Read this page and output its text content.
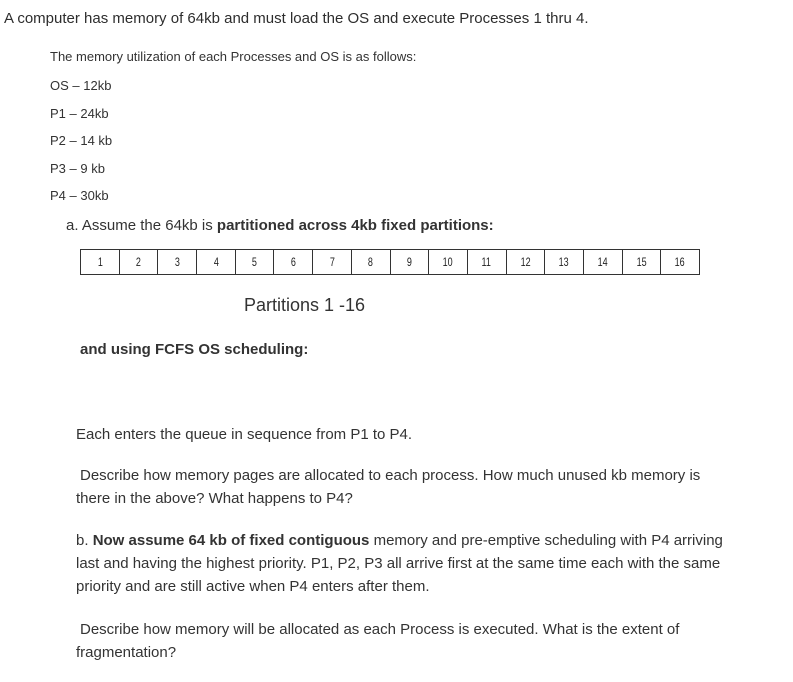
A computer has memory of 64kb and must load the OS and execute Processes 1 thru 4.
The memory utilization of each Processes and OS is as follows:
OS – 12kb
P1 – 24kb
P2 – 14 kb
P3 – 9 kb
P4 – 30kb
a. Assume the 64kb is partitioned across 4kb fixed partitions:
1	2	3	4	5	6	7	8	9	10 11 12 13 14 15 16
Partitions 1 -16
and using FCFS OS scheduling:
Each enters the queue in sequence from P1 to P4.
Describe how memory pages are allocated to each process. How much unused kb memory is there in the above? What happens to P4?
b. Now assume 64 kb of fixed contiguous memory and pre-emptive scheduling with P4 arriving last and having the highest priority. P1, P2, P3 all arrive first at the same time each with the same priority and are still active when P4 enters after them.
Describe how memory will be allocated as each Process is executed. What is the extent of fragmentation?
